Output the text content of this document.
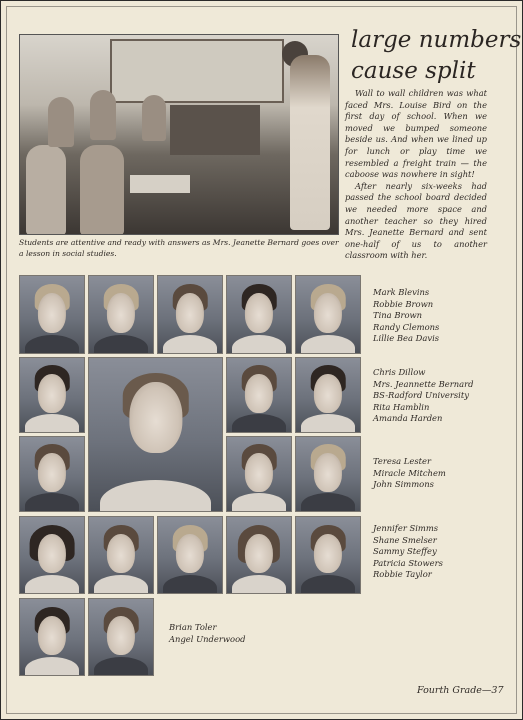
large numbers
cause split

Wall to wall children was what faced Mrs. Louise Bird on the first day of school. When we moved we bumped someone beside us. And when we lined up for lunch or play time we resembled a freight train — the caboose was nowhere in sight!

After nearly six-weeks had passed the school board decided we needed more space and another teacher so they hired Mrs. Jeanette Bernard and sent one-half of us to another classroom with her.

Students are attentive and ready with answers as Mrs. Jeanette Bernard goes over a lesson in social studies.
Mark Blevins
Robbie Brown
Tina Brown
Randy Clemons
Lillie Bea Davis
Chris Dillow
Mrs. Jeannette Bernard
BS-Radford University
Rita Hamblin
Amanda Harden
Teresa Lester
Miracle Mitchem
John Simmons
Jennifer Simms
Shane Smelser
Sammy Steffey
Patricia Stowers
Robbie Taylor
Brian Toler
Angel Underwood
Fourth Grade—37
